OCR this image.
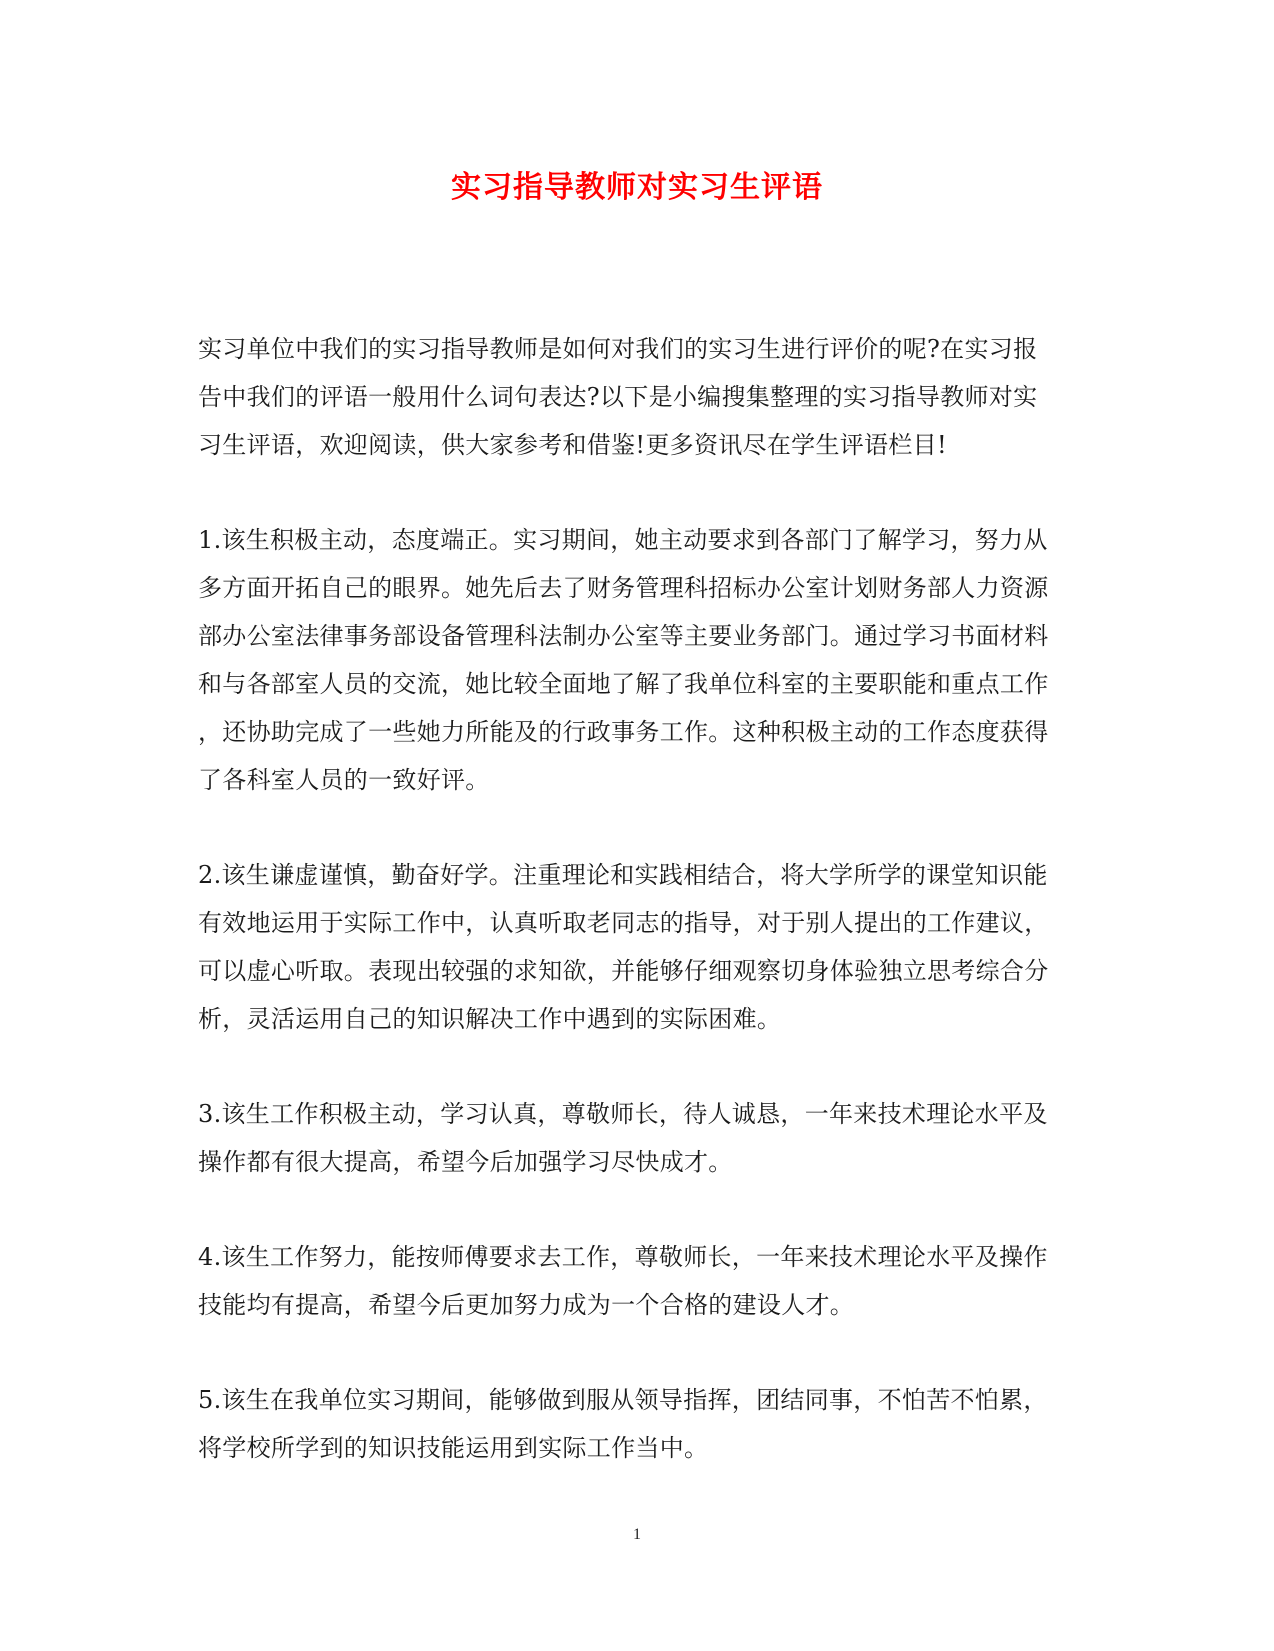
实习指导教师对实习生评语

实习单位中我们的实习指导教师是如何对我们的实习生进行评价的呢?在实习报
告中我们的评语一般用什么词句表达?以下是小编搜集整理的实习指导教师对实
习生评语，欢迎阅读，供大家参考和借鉴!更多资讯尽在学生评语栏目!

1.该生积极主动，态度端正。实习期间，她主动要求到各部门了解学习，努力从
多方面开拓自己的眼界。她先后去了财务管理科招标办公室计划财务部人力资源
部办公室法律事务部设备管理科法制办公室等主要业务部门。通过学习书面材料
和与各部室人员的交流，她比较全面地了解了我单位科室的主要职能和重点工作
，还协助完成了一些她力所能及的行政事务工作。这种积极主动的工作态度获得
了各科室人员的一致好评。

2.该生谦虚谨慎，勤奋好学。注重理论和实践相结合，将大学所学的课堂知识能
有效地运用于实际工作中，认真听取老同志的指导，对于别人提出的工作建议，
可以虚心听取。表现出较强的求知欲，并能够仔细观察切身体验独立思考综合分
析，灵活运用自己的知识解决工作中遇到的实际困难。

3.该生工作积极主动，学习认真，尊敬师长，待人诚恳，一年来技术理论水平及
操作都有很大提高，希望今后加强学习尽快成才。

4.该生工作努力，能按师傅要求去工作，尊敬师长，一年来技术理论水平及操作
技能均有提高，希望今后更加努力成为一个合格的建设人才。

5.该生在我单位实习期间，能够做到服从领导指挥，团结同事，不怕苦不怕累，
将学校所学到的知识技能运用到实际工作当中。

1
